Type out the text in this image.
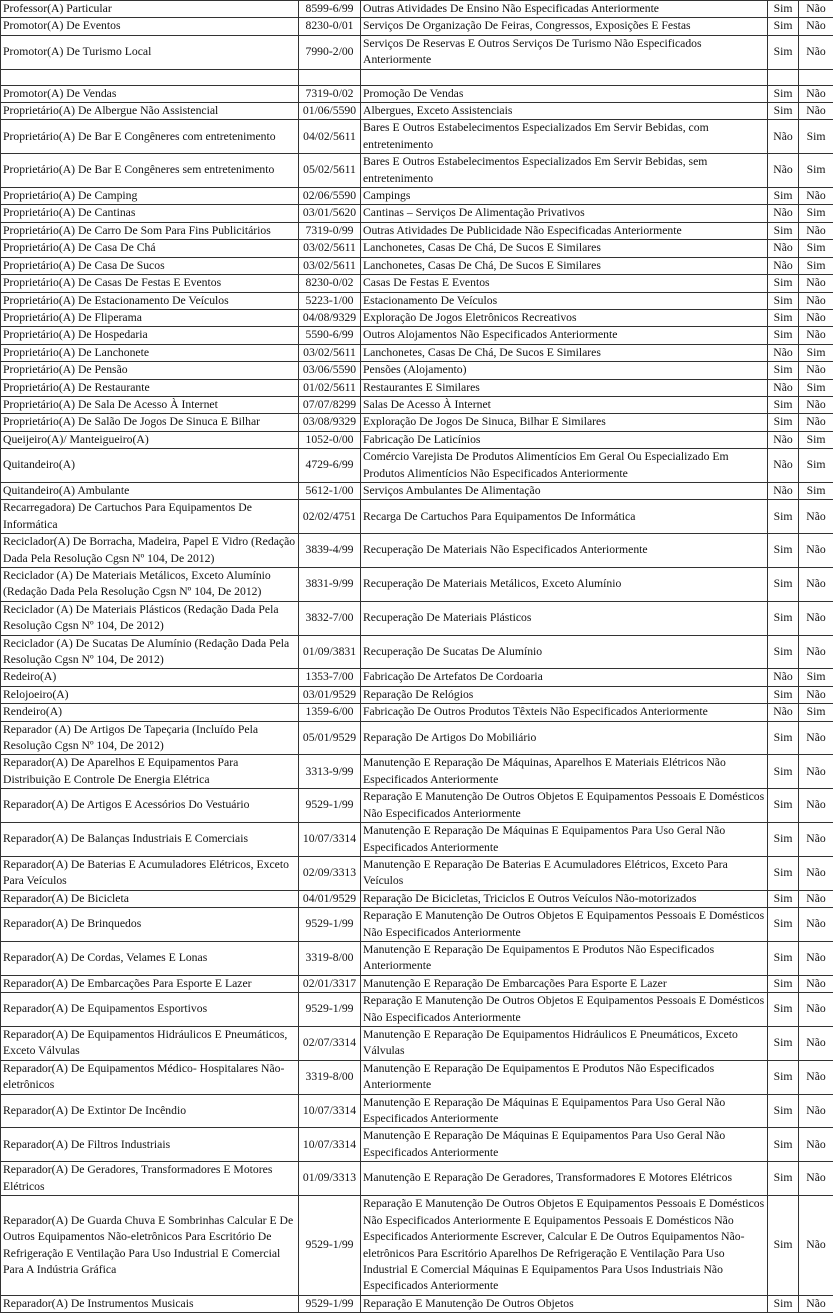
Professor(A) Particular	8599-6/99	Outras Atividades De Ensino Não Especificadas Anteriormente	Sim	Não
Promotor(A) De Eventos	8230-0/01	Serviços De Organização De Feiras, Congressos, Exposições E Festas	Sim	Não
Promotor(A) De Turismo Local	7990-2/00	Serviços De Reservas E Outros Serviços De Turismo Não Especificados Anteriormente	Sim	Não

Promotor(A) De Vendas	7319-0/02	Promoção De Vendas	Sim	Não
Proprietário(A) De Albergue Não Assistencial	01/06/5590	Albergues, Exceto Assistenciais	Sim	Não
Proprietário(A) De Bar E Congêneres com entretenimento	04/02/5611	Bares E Outros Estabelecimentos Especializados Em Servir Bebidas, com entretenimento	Não	Sim
Proprietário(A) De Bar E Congêneres sem entretenimento	05/02/5611	Bares E Outros Estabelecimentos Especializados Em Servir Bebidas, sem entretenimento	Não	Sim
Proprietário(A) De Camping	02/06/5590	Campings	Sim	Não
Proprietário(A) De Cantinas	03/01/5620	Cantinas – Serviços De Alimentação Privativos	Não	Sim
Proprietário(A) De Carro De Som Para Fins Publicitários	7319-0/99	Outras Atividades De Publicidade Não Especificadas Anteriormente	Sim	Não
Proprietário(A) De Casa De Chá	03/02/5611	Lanchonetes, Casas De Chá, De Sucos E Similares	Não	Sim
Proprietário(A) De Casa De Sucos	03/02/5611	Lanchonetes, Casas De Chá, De Sucos E Similares	Não	Sim
Proprietário(A) De Casas De Festas E Eventos	8230-0/02	Casas De Festas E Eventos	Sim	Não
Proprietário(A) De Estacionamento De Veículos	5223-1/00	Estacionamento De Veículos	Sim	Não
Proprietário(A) De Fliperama	04/08/9329	Exploração De Jogos Eletrônicos Recreativos	Sim	Não
Proprietário(A) De Hospedaria	5590-6/99	Outros Alojamentos Não Especificados Anteriormente	Sim	Não
Proprietário(A) De Lanchonete	03/02/5611	Lanchonetes, Casas De Chá, De Sucos E Similares	Não	Sim
Proprietário(A) De Pensão	03/06/5590	Pensões (Alojamento)	Sim	Não
Proprietário(A) De Restaurante	01/02/5611	Restaurantes E Similares	Não	Sim
Proprietário(A) De Sala De Acesso À Internet	07/07/8299	Salas De Acesso À Internet	Sim	Não
Proprietário(A) De Salão De Jogos De Sinuca E Bilhar	03/08/9329	Exploração De Jogos De Sinuca, Bilhar E Similares	Sim	Não
Queijeiro(A)/ Manteigueiro(A)	1052-0/00	Fabricação De Laticínios	Não	Sim
Quitandeiro(A)	4729-6/99	Comércio Varejista De Produtos Alimentícios Em Geral Ou Especializado Em Produtos Alimentícios Não Especificados Anteriormente	Não	Sim
Quitandeiro(A) Ambulante	5612-1/00	Serviços Ambulantes De Alimentação	Não	Sim
Recarregadora) De Cartuchos Para Equipamentos De Informática	02/02/4751	Recarga De Cartuchos Para Equipamentos De Informática	Sim	Não
Reciclador(A) De Borracha, Madeira, Papel E Vidro (Redação Dada Pela Resolução Cgsn Nº 104, De 2012)	3839-4/99	Recuperação De Materiais Não Especificados Anteriormente	Sim	Não
Reciclador (A) De Materiais Metálicos, Exceto Alumínio (Redação Dada Pela Resolução Cgsn Nº 104, De 2012)	3831-9/99	Recuperação De Materiais Metálicos, Exceto Alumínio	Sim	Não
Reciclador (A) De Materiais Plásticos (Redação Dada Pela Resolução Cgsn Nº 104, De 2012)	3832-7/00	Recuperação De Materiais Plásticos	Sim	Não
Reciclador (A) De Sucatas De Alumínio (Redação Dada Pela Resolução Cgsn Nº 104, De 2012)	01/09/3831	Recuperação De Sucatas De Alumínio	Sim	Não
Redeiro(A)	1353-7/00	Fabricação De Artefatos De Cordoaria	Não	Sim
Relojoeiro(A)	03/01/9529	Reparação De Relógios	Sim	Não
Rendeiro(A)	1359-6/00	Fabricação De Outros Produtos Têxteis Não Especificados Anteriormente	Não	Sim
Reparador (A) De Artigos De Tapeçaria (Incluído Pela Resolução Cgsn Nº 104, De 2012)	05/01/9529	Reparação De Artigos Do Mobiliário	Sim	Não
Reparador(A) De Aparelhos E Equipamentos Para Distribuição E Controle De Energia Elétrica	3313-9/99	Manutenção E Reparação De Máquinas, Aparelhos E Materiais Elétricos Não Especificados Anteriormente	Sim	Não
Reparador(A) De Artigos E Acessórios Do Vestuário	9529-1/99	Reparação E Manutenção De Outros Objetos E Equipamentos Pessoais E Domésticos Não Especificados Anteriormente	Sim	Não
Reparador(A) De Balanças Industriais E Comerciais	10/07/3314	Manutenção E Reparação De Máquinas E Equipamentos Para Uso Geral Não Especificados Anteriormente	Sim	Não
Reparador(A) De Baterias E Acumuladores Elétricos, Exceto Para Veículos	02/09/3313	Manutenção E Reparação De Baterias E Acumuladores Elétricos, Exceto Para Veículos	Sim	Não
Reparador(A) De Bicicleta	04/01/9529	Reparação De Bicicletas, Triciclos E Outros Veículos Não-motorizados	Sim	Não
Reparador(A) De Brinquedos	9529-1/99	Reparação E Manutenção De Outros Objetos E Equipamentos Pessoais E Domésticos Não Especificados Anteriormente	Sim	Não
Reparador(A) De Cordas, Velames E Lonas	3319-8/00	Manutenção E Reparação De Equipamentos E Produtos Não Especificados Anteriormente	Sim	Não
Reparador(A) De Embarcações Para Esporte E Lazer	02/01/3317	Manutenção E Reparação De Embarcações Para Esporte E Lazer	Sim	Não
Reparador(A) De Equipamentos Esportivos	9529-1/99	Reparação E Manutenção De Outros Objetos E Equipamentos Pessoais E Domésticos Não Especificados Anteriormente	Sim	Não
Reparador(A) De Equipamentos Hidráulicos E Pneumáticos, Exceto Válvulas	02/07/3314	Manutenção E Reparação De Equipamentos Hidráulicos E Pneumáticos, Exceto Válvulas	Sim	Não
Reparador(A) De Equipamentos Médico- Hospitalares Não-eletrônicos	3319-8/00	Manutenção E Reparação De Equipamentos E Produtos Não Especificados Anteriormente	Sim	Não
Reparador(A) De Extintor De Incêndio	10/07/3314	Manutenção E Reparação De Máquinas E Equipamentos Para Uso Geral Não Especificados Anteriormente	Sim	Não
Reparador(A) De Filtros Industriais	10/07/3314	Manutenção E Reparação De Máquinas E Equipamentos Para Uso Geral Não Especificados Anteriormente	Sim	Não
Reparador(A) De Geradores, Transformadores E Motores Elétricos	01/09/3313	Manutenção E Reparação De Geradores, Transformadores E Motores Elétricos	Sim	Não
Reparador(A) De Guarda Chuva E Sombrinhas Calcular E De Outros Equipamentos Não-eletrônicos Para Escritório De Refrigeração E Ventilação Para Uso Industrial E Comercial Para A Indústria Gráfica	9529-1/99	Reparação E Manutenção De Outros Objetos E Equipamentos Pessoais E Domésticos Não Especificados Anteriormente E Equipamentos Pessoais E Domésticos Não Especificados Anteriormente Escrever, Calcular E De Outros Equipamentos Não-eletrônicos Para Escritório Aparelhos De Refrigeração E Ventilação Para Uso Industrial E Comercial Máquinas E Equipamentos Para Usos Industriais Não Especificados Anteriormente	Sim	Não
Reparador(A) De Instrumentos Musicais	9529-1/99	Reparação E Manutenção De Outros Objetos	Sim	Não
